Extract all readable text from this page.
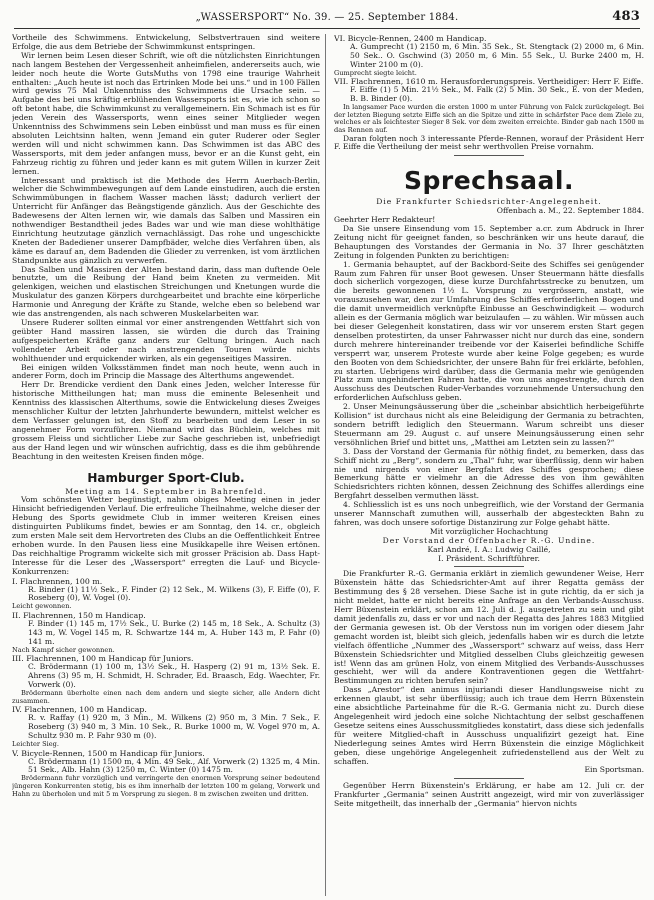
„WASSERSPORT“ No. 39. — 25. September 1884.	483

Vortheile des Schwimmens. Entwickelung, Selbstvertrauen sind weitere Erfolge, die aus dem Betriebe der Schwimmkunst entspringen.

Wir lernen beim Lesen dieser Schrift, wie oft die nützlichsten Einrichtungen nach langem Bestehen der Vergessenheit anheimfielen, andererseits auch, wie leider noch heute die Worte GutsMuths von 1798 eine traurige Wahrheit enthalten: „Auch heute ist noch das Ertrinken Mode bei uns.“ und in 100 Fällen wird gewiss 75 Mal Unkenntniss des Schwimmens die Ursache sein. — Aufgabe des bei uns kräftig erblühenden Wassersports ist es, wie ich schon so oft betont habe, die Schwimmkunst zu verallgemeinern. Ein Schmach ist es für jeden Verein des Wassersports, wenn eines seiner Mitglieder wegen Unkenntniss des Schwimmens sein Leben einbüsst und man muss es für einen absoluten Leichtsinn halten, wenn Jemand ein guter Ruderer oder Segler werden will und nicht schwimmen kann. Das Schwimmen ist das ABC des Wassersports, mit dem jeder anfangen muss, bevor er an die Kunst geht, ein Fahrzeug richtig zu führen und jeder kann es mit gutem Willen in kurzer Zeit lernen.

Interessant und praktisch ist die Methode des Herrn Auerbach-Berlin, welcher die Schwimmbewegungen auf dem Lande einstudiren, auch die ersten Schwimmübungen in flachem Wasser machen lässt; dadurch verliert der Unterricht für Anfänger das Beängstigende gänzlich. Aus der Geschichte des Badewesens der Alten lernen wir, wie damals das Salben und Massiren ein nothwendiger Bestandtheil jedes Bades war und wie man diese wohlthätige Einrichtung heutzutage gänzlich vernachlässigt. Das rohe und ungeschickte Kneten der Badediener unserer Dampfbäder, welche dies Verfahren üben, als käme es darauf an, dem Badenden die Glieder zu verrenken, ist vom ärztlichen Standpunkte aus gänzlich zu verwerfen.

Das Salben und Massiren der Alten bestand darin, dass man duftende Oele benutzte, um die Reibung der Hand beim Kneten zu vermeiden. Mit gelenkigen, weichen und elastischen Streichungen und Knetungen wurde die Muskulatur des ganzen Körpers durchgearbeitet und brachte eine körperliche Harmonie und Anregung der Kräfte zu Stande, welche eben so belebend war wie das anstrengenden, als nach schweren Muskelarbeiten war.

Unsere Ruderer sollten einmal vor einer anstrengenden Wettfahrt sich von geübter Hand massiren lassen, sie würden die durch das Training aufgespeicherten Kräfte ganz anders zur Geltung bringen. Auch nach vollendeter Arbeit oder nach anstrengenden Touren würde nichts wohlthuender und erquickender wirken, als ein gegenseitiges Massiren.

Bei einigen wilden Volksstämmen findet man noch heute, wenn auch in anderer Form, doch im Princip die Massage des Alterthums angewendet.

Herr Dr. Brendicke verdient den Dank eines Jeden, welcher Interesse für historische Mittheilungen hat; man muss die eminente Belesenheit und Kenntniss des klassischen Alterthums, sowie die Entwickelung dieses Zweiges menschlicher Kultur der letzten Jahrhunderte bewundern, mittelst welcher es dem Verfasser gelungen ist, den Stoff zu bearbeiten und dem Leser in so angenehmer Form vorzuführen. Niemand wird das Büchlein, welches mit grossem Fleiss und sichtlicher Liebe zur Sache geschrieben ist, unbefriedigt aus der Hand legen und wir wünschen aufrichtig, dass es die ihm gebührende Beachtung in den weitesten Kreisen finden möge.

Hamburger Sport-Club.

Meeting am 14. September in Bahrenfeld.

Vom schönsten Wetter begünstigt, nahm obiges Meeting einen in jeder Hinsicht befriedigenden Verlauf. Die erfreuliche Theilnahme, welche dieser der Hebung des Sports gewidmete Club in immer weiteren Kreisen eines distinguirten Publikums findet, bewies er am Sonntag, den 14. cr., obgleich zum ersten Male seit dem Hervortreten des Clubs an die Oeffentlichkeit Entree erhoben wurde. In den Pausen liess eine Musikkapelle ihre Weisen ertönen. Das reichhaltige Programm wickelte sich mit grosser Präcision ab. Dass Hapt-Interesse für die Leser des „Wassersport“ erregten die Lauf- und Bicycle-Konkurrenzen:

I. Flachrennen, 100 m.

R. Binder (1) 11½ Sek., F. Finder (2) 12 Sek., M. Wilkens (3), F. Eiffe (0), F. Roseberg (0), W. Vogel (0).

Leicht gewonnen.

II. Flachrennen, 150 m Handicap.

F. Binder (1) 145 m, 17½ Sek., U. Burke (2) 145 m, 18 Sek., A. Schultz (3) 143 m, W. Vogel 145 m, R. Schwartze 144 m, A. Huber 143 m, P. Fahr (0) 141 m.

Nach Kampf sicher gewonnen.

III. Flachrennen, 100 m Handicap für Juniors.

C. Brödermann (1) 100 m, 13½ Sek., H. Hasperg (2) 91 m, 13½ Sek. E. Ahrens (3) 95 m, H. Schmidt, H. Schrader, Ed. Braasch, Edg. Waechter, Fr. Vorwerk (0).

Brödermann überholte einen nach dem andern und siegte sicher, alle Andern dicht zusammen.

IV. Flachrennen, 100 m Handicap.

R. v. Raffay (1) 920 m, 3 Min., M. Wilkens (2) 950 m, 3 Min. 7 Sek., F. Roseberg (3) 940 m, 3 Min. 10 Sek., R. Burke 1000 m, W. Vogel 970 m, A. Schultz 930 m. P. Fahr 930 m (0).

Leichter Sieg.

V. Bicycle-Rennen, 1500 m Handicap für Juniors.

C. Brödermann (1) 1500 m, 4 Min. 49 Sek., Alf. Vorwerk (2) 1325 m, 4 Min. 51 Sek., Alb. Hahn (3) 1250 m, C. Winter (0) 1475 m.

Brödermann fuhr vorzüglich und verringerte den enormen Vorsprung seiner bedeutend jüngeren Konkurrenten stetig, bis es ihm innerhalb der letzten 100 m gelang, Vorwerk und Hahn zu überholen und mit 5 m Vorsprung zu siegen. 8 m zwischen zweiten und dritten.

VI. Bicycle-Rennen, 2400 m Handicap.

A. Gumprecht (1) 2150 m, 6 Min. 35 Sek., St. Stengtack (2) 2000 m, 6 Min. 50 Sek.. O. Gschwind (3) 2050 m, 6 Min. 55 Sek., U. Burke 2400 m, H. Winter 2100 m (0).

Gumprecht siegte leicht.

VII. Flachrennen, 1610 m. Herausforderungspreis. Vertheidiger: Herr F. Eiffe.

F. Eiffe (1) 5 Min. 21½ Sek., M. Falk (2) 5 Min. 30 Sek., E. von der Meden, B. B. Binder (0).

In langsamer Pace wurden die ersten 1000 m unter Führung von Falck zurückgelegt. Bei der letzten Biegung setzte Eiffe sich an die Spitze und zitte in schärfster Pace dem Ziele zu, welches er als leichtester Sieger 8 Sek. vor dem zweiten erreichte. Binder gab nach 1500 m das Rennen auf.

Daran folgten noch 3 interessante Pferde-Rennen, worauf der Präsident Herr F. Eiffe die Vertheilung der meist sehr werthvollen Preise vornahm.

Sprechsaal.

Die Frankfurter Schiedsrichter-Angelegenheit.

Offenbach a. M., 22. September 1884.

Geehrter Herr Redakteur!

Da Sie unsere Einsendung vom 15. September a.cr. zum Abdruck in Ihrer Zeitung nicht für geeignet fanden, so beschränken wir uns heute darauf, die Behauptungen des Vorstandes der Germania in No. 37 Ihrer geschätzten Zeitung in folgenden Punkten zu berichtigen:

1. Germania behauptet, auf der Backbord-Seite des Schiffes sei genügender Raum zum Fahren für unser Boot gewesen. Unser Steuermann hätte diesfalls doch sicherlich vorgezogen, diese kurze Durchfahrtsstrecke zu benutzen, um die bereits gewonnenen 1½ L. Vorsprung zu vergrössern, anstatt, wie vorauszusehen war, den zur Umfahrung des Schiffes erforderlichen Bogen und die damit unvermeidlich verknüpfte Einbusse an Geschwindigkeit — wodurch allein es der Germania möglich war beizulaufen — zu wählen. Wir müssen auch bei dieser Gelegenheit konstatiren, dass wir vor unserem ersten Start gegen denselben protestirten, da unser Fahrwasser nicht nur durch das eine, sondern durch mehrere hintereinander treibende vor der Kaiserlei befindliche Schiffe versperrt war, unserem Proteste wurde aber keine Folge gegeben; es wurde den Booten von dem Schiedsrichter, der unsere Bahn für frei erklärte, befohlen, zu starten. Uebrigens wird darüber, dass die Germania mehr wie genügenden Platz zum ungehinderten Fahren hatte, die von uns angestrengte, durch den Ausschuss des Deutschen Ruder-Verbandes vorzunehmende Untersuchung den erforderlichen Aufschluss geben.

2. Unser Meinungsäusserung über die „scheinbar absichtlich herbeigeführte Kollision“ ist durchaus nicht als eine Beleidigung der Germania zu betrachten, sondern betrifft lediglich den Steuermann. Warum schreibt uns dieser Steuermann am 29. August c. auf unsere Meinungsäusserung einen sehr versöhnlichen Brief und bittet uns, „Matthei am Letzten sein zu lassen?“

3. Dass der Vorstand der Germania für nöthig findet, zu bemerken, dass das Schiff nicht zu „Berg“, sondern zu „Thal“ fuhr, war überflüssig, denn wir haben nie und nirgends von einer Bergfahrt des Schiffes gesprochen; diese Bemerkung hätte er vielmehr an die Adresse des von ihm gewählten Schiedsrichters richten können, dessen Zeichnung des Schiffes allerdings eine Bergfahrt desselben vermuthen lässt.

4. Schliesslich ist es uns noch unbegreiflich, wie der Vorstand der Germania unserer Mannschaft zumuthen will, ausserhalb der abgesteckten Bahn zu fahren, was doch unsere sofortige Distanzirung zur Folge gehabt hätte.

Mit vorzüglicher Hochachtung

Der Vorstand der Offenbacher R.-G. Undine.

Karl André, I. A.: Ludwig Caillé,

I. Präsident. Schriftführer.

Die Frankfurter R.-G. Germania erklärt in ziemlich gewundener Weise, Herr Büxenstein hätte das Schiedsrichter-Amt auf ihrer Regatta gemäss der Bestimmung des § 28 versehen. Diese Sache ist in gute richtig, da er sich ja nicht meldet, hatte er nicht bereits eine Anfrage an den Verbands-Ausschuss. Herr Büxenstein erklärt, schon am 12. Juli d. J. ausgetreten zu sein und gibt damit jedenfalls zu, dass er vor und nach der Regatta des Jahres 1883 Mitglied der Germania gewesen ist. Ob der Verstoss nun im vorigen oder diesem Jahr gemacht worden ist, bleibt sich gleich, jedenfalls haben wir es durch die letzte vielfach öffentliche „Nummer des „Wassersport“ schwarz auf weiss, dass Herr Büxenstein Schiedsrichter und Mitglied desselben Clubs gleichzeitig gewesen ist! Wenn das am grünen Holz, von einem Mitglied des Verbands-Ausschusses geschieht, wer will da andere Kontraventionen gegen die Wettfahrt-Bestimmungen zu richten berufen sein?

Dass „Arestor“ den animus injuriandi dieser Handlungsweise nicht zu erkennen glaubt, ist sehr überflüssig; auch ich traue dem Herrn Büxenstein eine absichtliche Parteinahme für die R.-G. Germania nicht zu. Durch diese Angelegenheit wird jedoch eine solche Nichtachtung der selbst geschaffenen Gesetze seitens eines Ausschussmitgliedes konstatirt, dass diese sich jedenfalls für weitere Mitglied-chaft in Ausschuss unqualifizirt gezeigt hat. Eine Niederlegung seines Amtes wird Herrn Büxenstein die einzige Möglichkeit geben, diese ungehörige Angelegenheit zufriedenstellend aus der Welt zu schaffen.

Ein Sportsman.

Gegenüber Herrn Büxenstein's Erklärung, er habe am 12. Juli cr. der Frankfurter „Germania“ seinen Austritt angezeigt, wird mir von zuverlässiger Seite mitgetheilt, das innerhalb der „Germania“ hiervon nichts
